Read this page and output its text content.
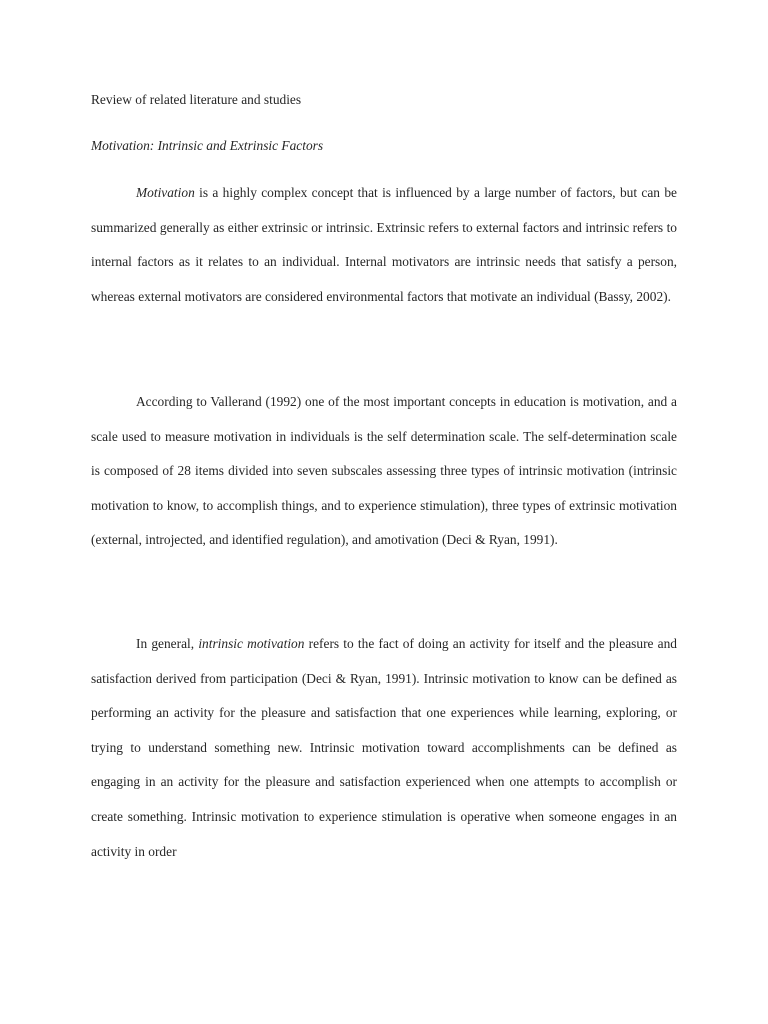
Review of related literature and studies
Motivation: Intrinsic and Extrinsic Factors

Motivation is a highly complex concept that is influenced by a large number of factors, but can be summarized generally as either extrinsic or intrinsic. Extrinsic refers to external factors and intrinsic refers to internal factors as it relates to an individual. Internal motivators are intrinsic needs that satisfy a person, whereas external motivators are considered environmental factors that motivate an individual (Bassy, 2002).

According to Vallerand (1992) one of the most important concepts in education is motivation, and a scale used to measure motivation in individuals is the self determination scale. The self-determination scale is composed of 28 items divided into seven subscales assessing three types of intrinsic motivation (intrinsic motivation to know, to accomplish things, and to experience stimulation), three types of extrinsic motivation (external, introjected, and identified regulation), and amotivation (Deci & Ryan, 1991).

In general, intrinsic motivation refers to the fact of doing an activity for itself and the pleasure and satisfaction derived from participation (Deci & Ryan, 1991). Intrinsic motivation to know can be defined as performing an activity for the pleasure and satisfaction that one experiences while learning, exploring, or trying to understand something new. Intrinsic motivation toward accomplishments can be defined as engaging in an activity for the pleasure and satisfaction experienced when one attempts to accomplish or create something. Intrinsic motivation to experience stimulation is operative when someone engages in an activity in order
